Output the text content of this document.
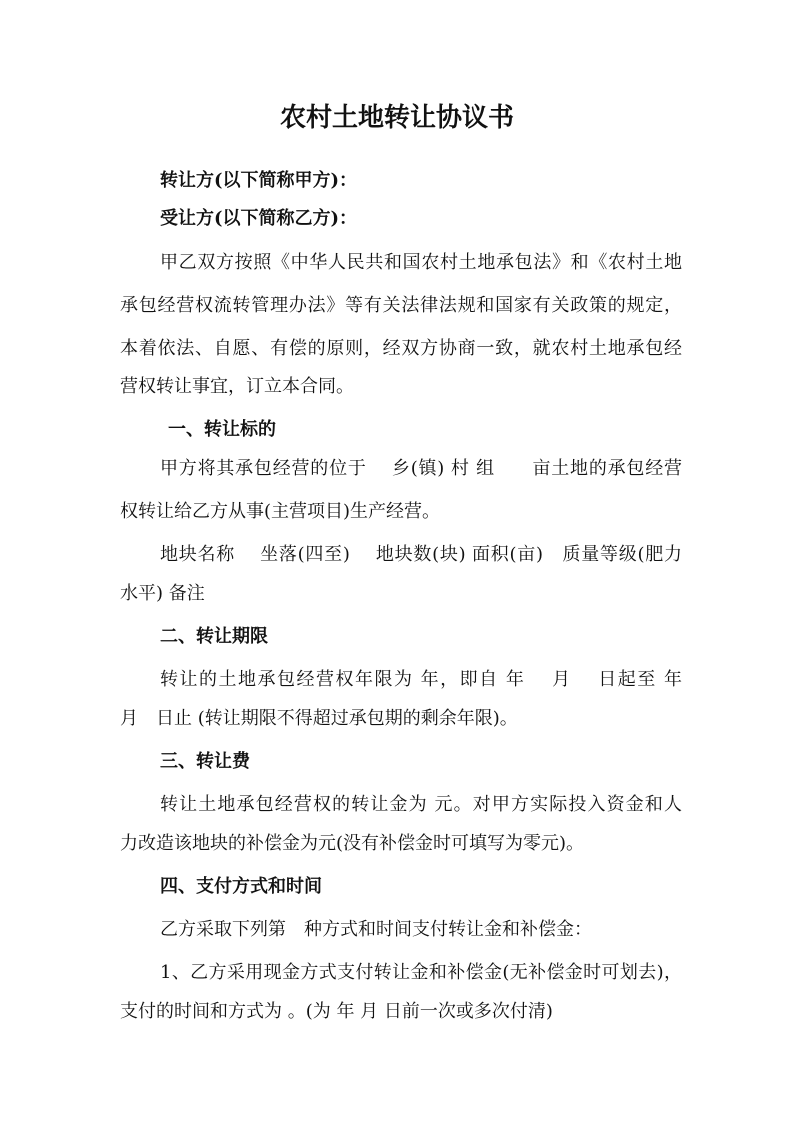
农村土地转让协议书
转让方(以下简称甲方)：
受让方(以下简称乙方)：
甲乙双方按照《中华人民共和国农村土地承包法》和《农村土地
承包经营权流转管理办法》等有关法律法规和国家有关政策的规定，
本着依法、自愿、有偿的原则，经双方协商一致，就农村土地承包经
营权转让事宜，订立本合同。
一、转让标的
甲方将其承包经营的位于　 乡(镇) 村 组　　亩土地的承包经营
权转让给乙方从事(主营项目)生产经营。
地块名称　 坐落(四至)　 地块数(块) 面积(亩)　质量等级(肥力
水平) 备注
二、转让期限
转让的土地承包经营权年限为 年，即自 年　 月　 日起至 年
月　日止 (转让期限不得超过承包期的剩余年限)。
三、转让费
转让土地承包经营权的转让金为 元。对甲方实际投入资金和人
力改造该地块的补偿金为元(没有补偿金时可填写为零元)。
四、支付方式和时间
乙方采取下列第　种方式和时间支付转让金和补偿金：
1、乙方采用现金方式支付转让金和补偿金(无补偿金时可划去)，
支付的时间和方式为 。(为 年 月 日前一次或多次付清)
